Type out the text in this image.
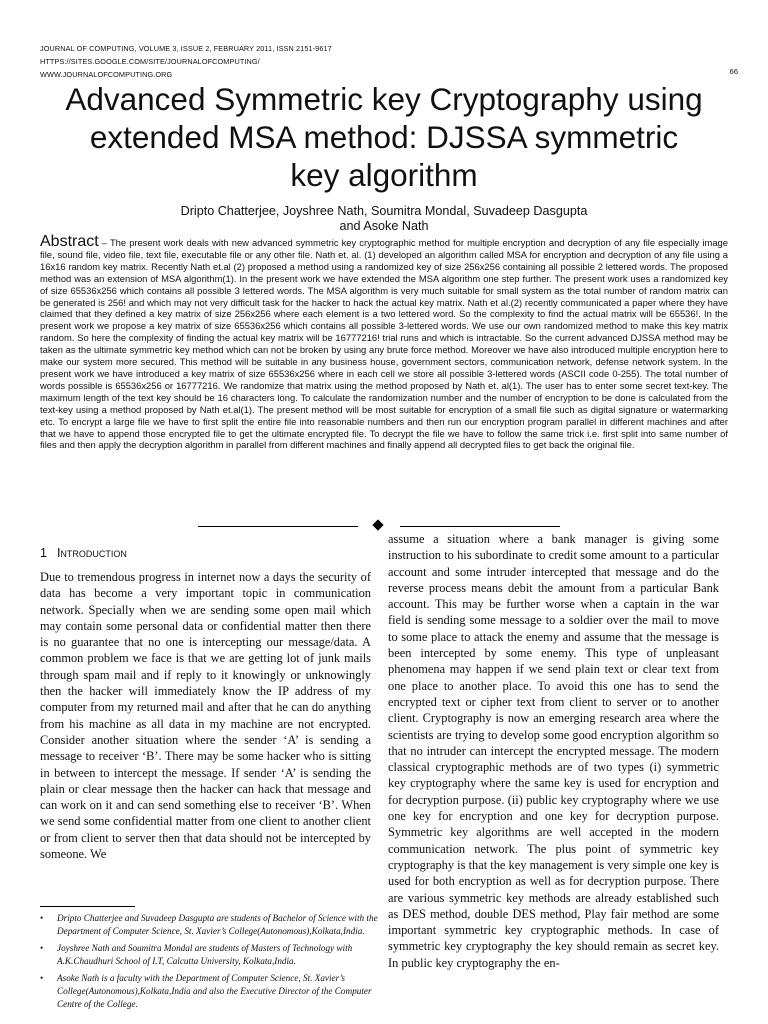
JOURNAL OF COMPUTING, VOLUME 3, ISSUE 2, FEBRUARY 2011, ISSN 2151-9617
HTTPS://SITES.GOOGLE.COM/SITE/JOURNALOFCOMPUTING/
WWW.JOURNALOFCOMPUTING.ORG	66
Advanced Symmetric key Cryptography using
extended MSA method: DJSSA symmetric
key algorithm
Dripto Chatterjee, Joyshree Nath, Soumitra Mondal, Suvadeep Dasgupta
and Asoke Nath
Abstract – The present work deals with new advanced symmetric key cryptographic method for multiple encryption and decryption of any file especially image file, sound file, video file, text file, executable file or any other file. Nath et. al. (1) developed an algorithm called MSA for encryption and decryption of any file using a 16x16 random key matrix. Recently Nath et.al (2) proposed a method using a randomized key of size 256x256 containing all possible 2 lettered words. The proposed method was an extension of MSA algorithm(1). In the present work we have extended the MSA algorithm one step further. The present work uses a randomized key of size 65536x256 which contains all possible 3 lettered words. The MSA algorithm is very much suitable for small system as the total number of random matrix can be generated is 256! and which may not very difficult task for the hacker to hack the actual key matrix. Nath et al.(2) recently communicated a paper where they have claimed that they defined a key matrix of size 256x256 where each element is a two lettered word. So the complexity to find the actual matrix will be 65536!. In the present work we propose a key matrix of size 65536x256 which contains all possible 3-lettered words. We use our own randomized method to make this key matrix random. So here the complexity of finding the actual key matrix will be 16777216! trial runs and which is intractable. So the current advanced DJSSA method may be taken as the ultimate symmetric key method which can not be broken by using any brute force method. Moreover we have also introduced multiple encryption here to make our system more secured. This method will be suitable in any business house, government sectors, communication network, defense network system. In the present work we have introduced a key matrix of size 65536x256 where in each cell we store all possible 3-lettered words (ASCII code 0-255). The total number of words possible is 65536x256 or 16777216. We randomize that matrix using the method proposed by Nath et. al(1). The user has to enter some secret text-key. The maximum length of the text key should be 16 characters long. To calculate the randomization number and the number of encryption to be done is calculated from the text-key using a method proposed by Nath et.al(1). The present method will be most suitable for encryption of a small file such as digital signature or watermarking etc. To encrypt a large file we have to first split the entire file into reasonable numbers and then run our encryption program parallel in different machines and after that we have to append those encrypted file to get the ultimate encrypted file. To decrypt the file we have to follow the same trick i.e. first split into same number of files and then apply the decryption algorithm in parallel from different machines and finally append all decrypted files to get back the original file.
1 Introduction
Due to tremendous progress in internet now a days the security of data has become a very important topic in communication network. Specially when we are sending some open mail which may contain some personal data or confidential matter then there is no guarantee that no one is intercepting our message/data. A common problem we face is that we are getting lot of junk mails through spam mail and if reply to it knowingly or unknowingly then the hacker will immediately know the IP address of my computer from my returned mail and after that he can do anything from his machine as all data in my machine are not encrypted. Consider another situation where the sender ‘A’ is sending a message to receiver ‘B’. There may be some hacker who is sitting in between to intercept the message. If sender ‘A’ is sending the plain or clear message then the hacker can hack that message and can work on it and can send something else to receiver ‘B’. When we send some confidential matter from one client to another client or from client to server then that data should not be intercepted by someone. We
assume a situation where a bank manager is giving some instruction to his subordinate to credit some amount to a particular account and some intruder intercepted that message and do the reverse process means debit the amount from a particular Bank account. This may be further worse when a captain in the war field is sending some message to a soldier over the mail to move to some place to attack the enemy and assume that the message is been intercepted by some enemy. This type of unpleasant phenomena may happen if we send plain text or clear text from one place to another place. To avoid this one has to send the encrypted text or cipher text from client to server or to another client. Cryptography is now an emerging research area where the scientists are trying to develop some good encryption algorithm so that no intruder can intercept the encrypted message. The modern classical cryptographic methods are of two types (i) symmetric key cryptography where the same key is used for encryption and for decryption purpose. (ii) public key cryptography where we use one key for encryption and one key for decryption purpose. Symmetric key algorithms are well accepted in the modern communication network. The plus point of symmetric key cryptography is that the key management is very simple one key is used for both encryption as well as for decryption purpose. There are various symmetric key methods are already established such as DES method, double DES method, Play fair method are some important symmetric key cryptographic methods. In case of symmetric key cryptography the key should remain as secret key. In public key cryptography the en-
• Dripto Chatterjee and Suvadeep Dasgupta are students of Bachelor of Science with the Department of Computer Science, St. Xavier’s College(Autonomous),Kolkata,India.
• Joyshree Nath and Soumitra Mondal are students of Masters of Technology with A.K.Chaudhuri School of I.T, Calcutta University, Kolkata,India.
• Asoke Nath is a faculty with the Department of Computer Science, St. Xavier’s College(Autonomous),Kolkata,India and also the Executive Director of the Computer Centre of the College.
